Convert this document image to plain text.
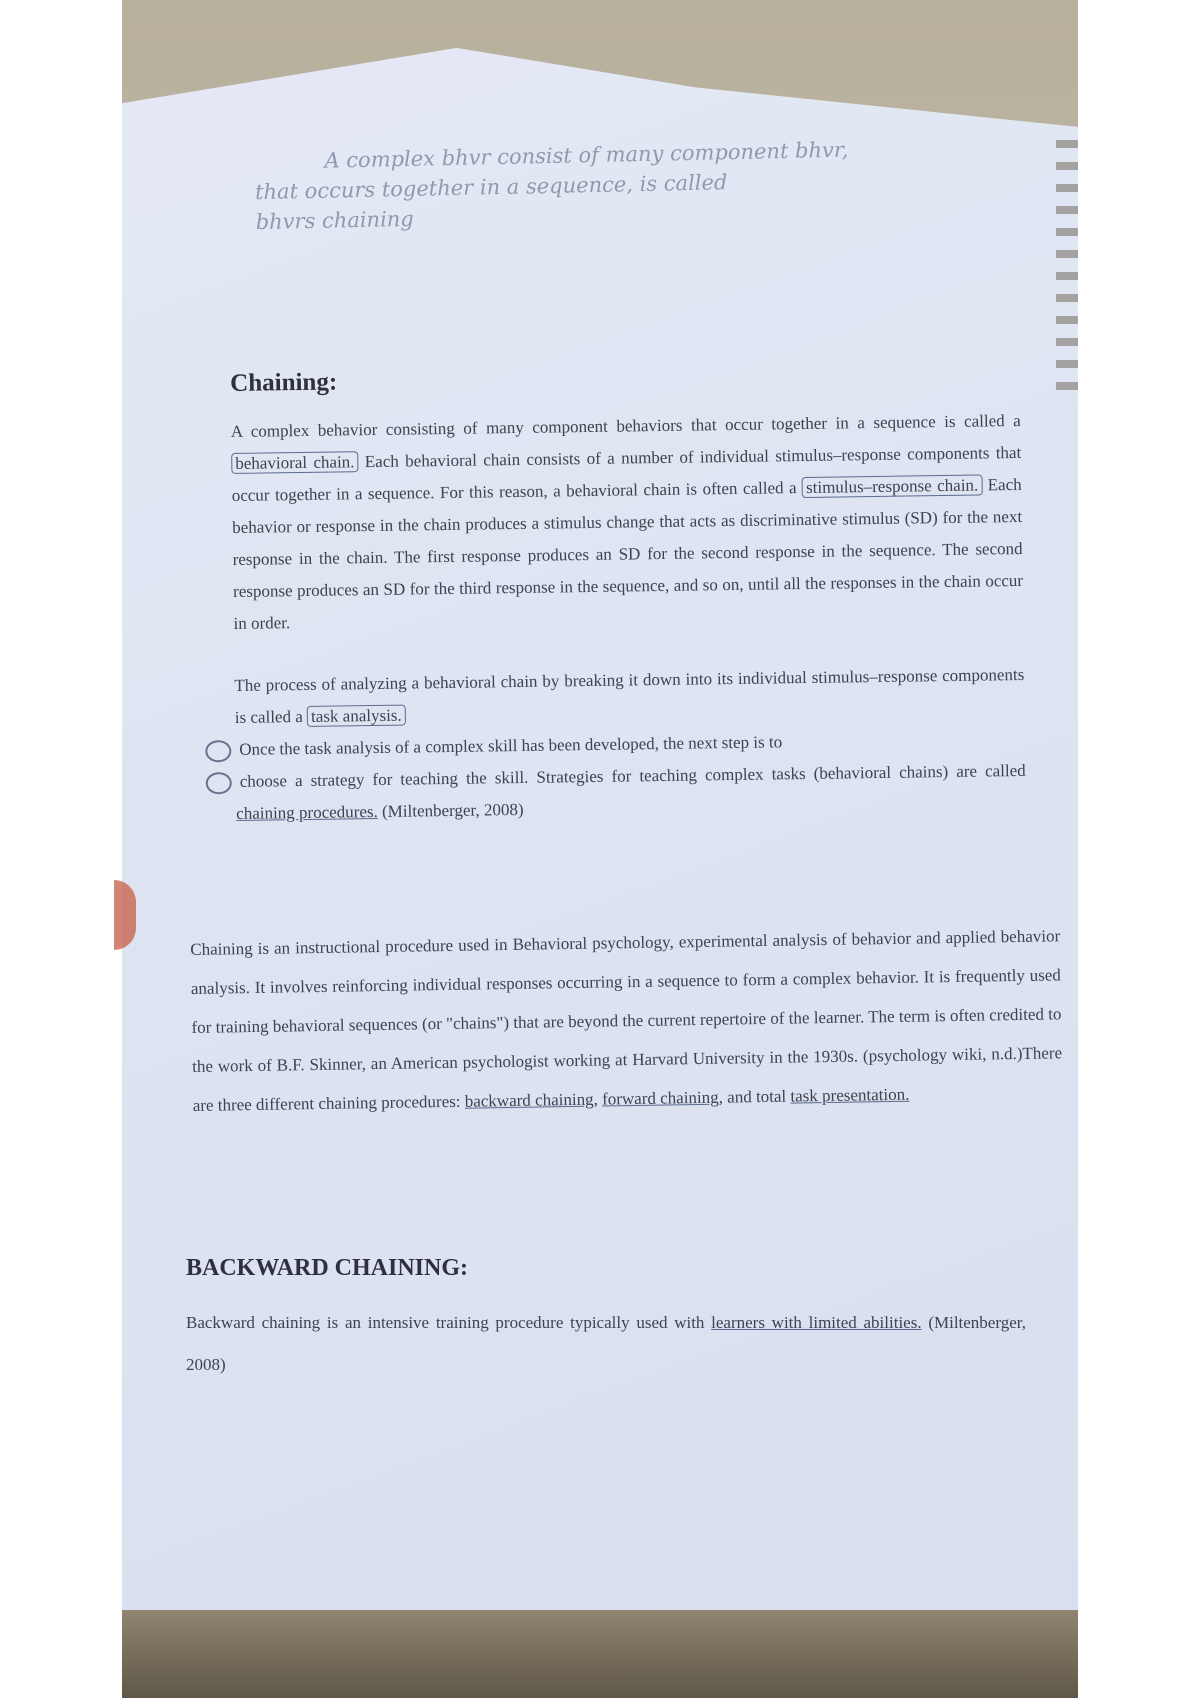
A complex bhvr consist of many component bhvr,
that occurs together in a sequence, is called
bhvrs chaining
Chaining:

A complex behavior consisting of many component behaviors that occur together in a sequence is called a behavioral chain. Each behavioral chain consists of a number of individual stimulus–response components that occur together in a sequence. For this reason, a behavioral chain is often called a stimulus–response chain. Each behavior or response in the chain produces a stimulus change that acts as discriminative stimulus (SD) for the next response in the chain. The first response produces an SD for the second response in the sequence. The second response produces an SD for the third response in the sequence, and so on, until all the responses in the chain occur in order.

The process of analyzing a behavioral chain by breaking it down into its individual stimulus–response components is called a task analysis.

Once the task analysis of a complex skill has been developed, the next step is to

choose a strategy for teaching the skill. Strategies for teaching complex tasks (behavioral chains) are called chaining procedures. (Miltenberger, 2008)

Chaining is an instructional procedure used in Behavioral psychology, experimental analysis of behavior and applied behavior analysis. It involves reinforcing individual responses occurring in a sequence to form a complex behavior. It is frequently used for training behavioral sequences (or "chains") that are beyond the current repertoire of the learner. The term is often credited to the work of B.F. Skinner, an American psychologist working at Harvard University in the 1930s. (psychology wiki, n.d.)There are three different chaining procedures: backward chaining, forward chaining, and total task presentation.

BACKWARD CHAINING:

Backward chaining is an intensive training procedure typically used with learners with limited abilities. (Miltenberger, 2008)
